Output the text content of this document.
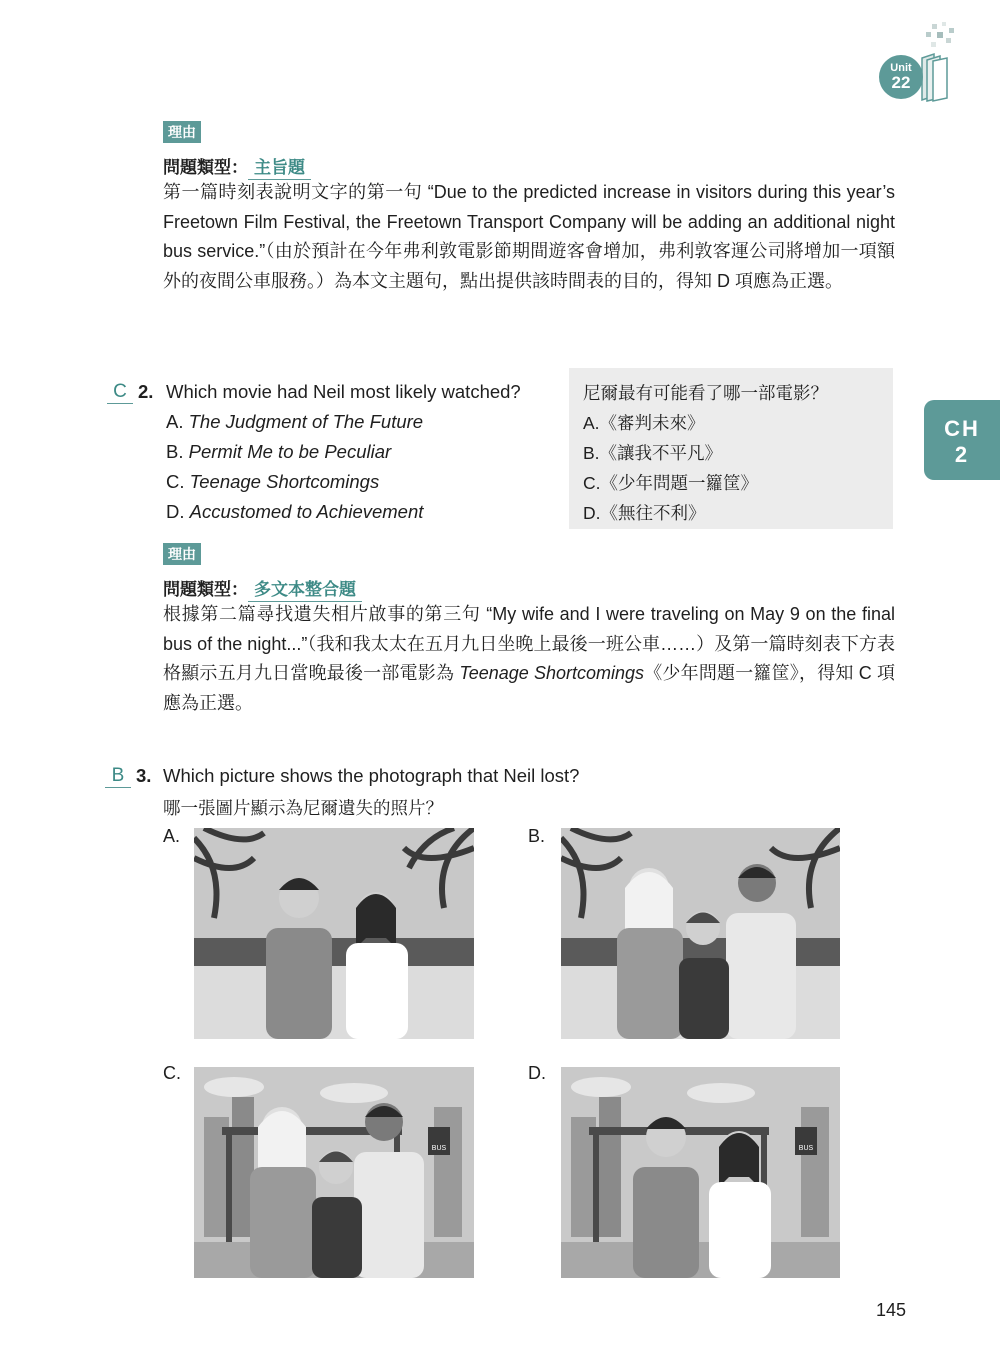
Unit
22
CH
2
理由
問題類型： 主旨題
第一篇時刻表說明文字的第一句 “Due to the predicted increase in visitors during this year’s Freetown Film Festival, the Freetown Transport Company will be adding an additional night bus service.”（由於預計在今年弗利敦電影節期間遊客會增加，弗利敦客運公司將增加一項額外的夜間公車服務。）為本文主題句，點出提供該時間表的目的，得知 D 項應為正選。
C 2. Which movie had Neil most likely watched?
A. The Judgment of The Future
B. Permit Me to be Peculiar
C. Teenage Shortcomings
D. Accustomed to Achievement
尼爾最有可能看了哪一部電影？
A.《審判未來》
B.《讓我不平凡》
C.《少年問題一籮筐》
D.《無往不利》
理由
問題類型： 多文本整合題
根據第二篇尋找遺失相片啟事的第三句 “My wife and I were traveling on May 9 on the final bus of the night...”（我和我太太在五月九日坐晚上最後一班公車……）及第一篇時刻表下方表格顯示五月九日當晚最後一部電影為 Teenage Shortcomings《少年問題一籮筐》，得知 C 項應為正選。
B 3. Which picture shows the photograph that Neil lost?
哪一張圖片顯示為尼爾遺失的照片？
A.	B.
C.	D.
BUS	BUS
145
